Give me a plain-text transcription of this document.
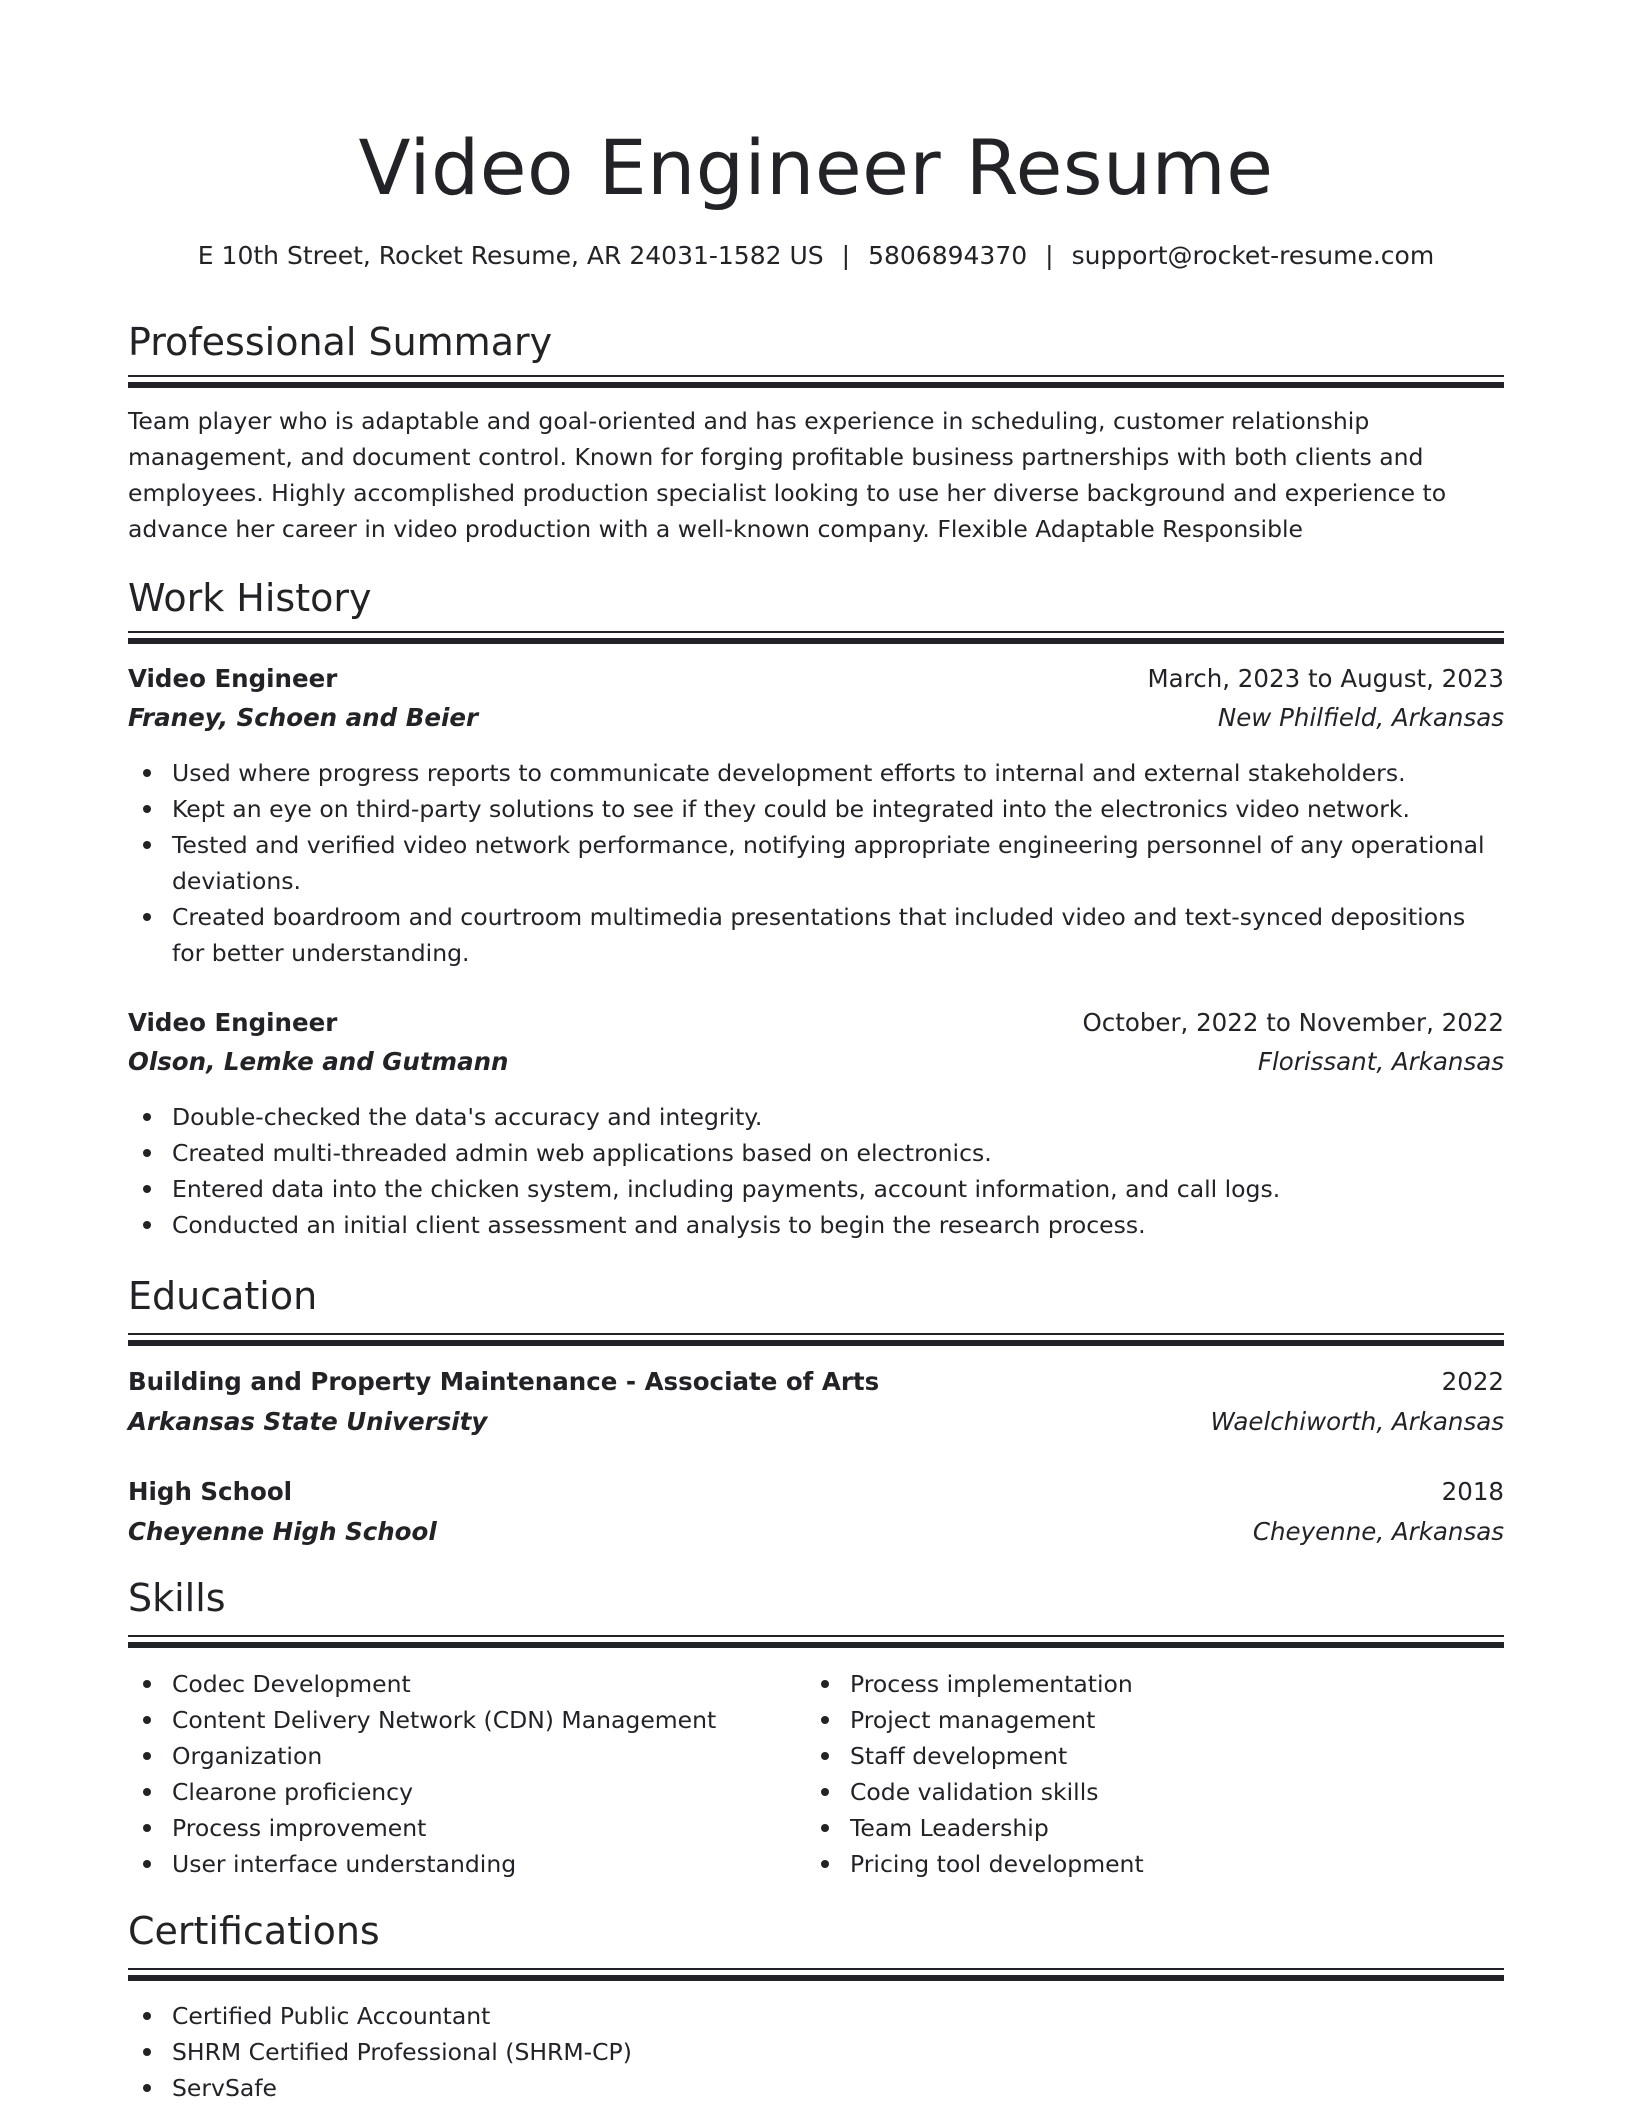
Video Engineer Resume
E 10th Street, Rocket Resume, AR 24031-1582 US | 5806894370 | support@rocket-resume.com
Professional Summary

Team player who is adaptable and goal-oriented and has experience in scheduling, customer relationship management, and document control. Known for forging profitable business partnerships with both clients and employees. Highly accomplished production specialist looking to use her diverse background and experience to advance her career in video production with a well-known company. Flexible Adaptable Responsible

Work History
Video Engineer	March, 2023 to August, 2023
Franey, Schoen and Beier	New Philfield, Arkansas
Used where progress reports to communicate development efforts to internal and external stakeholders.
Kept an eye on third-party solutions to see if they could be integrated into the electronics video network.
Tested and verified video network performance, notifying appropriate engineering personnel of any operational deviations.
Created boardroom and courtroom multimedia presentations that included video and text-synced depositions for better understanding.
Video Engineer	October, 2022 to November, 2022
Olson, Lemke and Gutmann	Florissant, Arkansas
Double-checked the data's accuracy and integrity.
Created multi-threaded admin web applications based on electronics.
Entered data into the chicken system, including payments, account information, and call logs.
Conducted an initial client assessment and analysis to begin the research process.
Education
Building and Property Maintenance - Associate of Arts	2022
Arkansas State University	Waelchiworth, Arkansas
High School	2018
Cheyenne High School	Cheyenne, Arkansas
Skills
Codec Development
Content Delivery Network (CDN) Management
Organization
Clearone proficiency
Process improvement
User interface understanding
Process implementation
Project management
Staff development
Code validation skills
Team Leadership
Pricing tool development
Certifications
Certified Public Accountant
SHRM Certified Professional (SHRM-CP)
ServSafe
